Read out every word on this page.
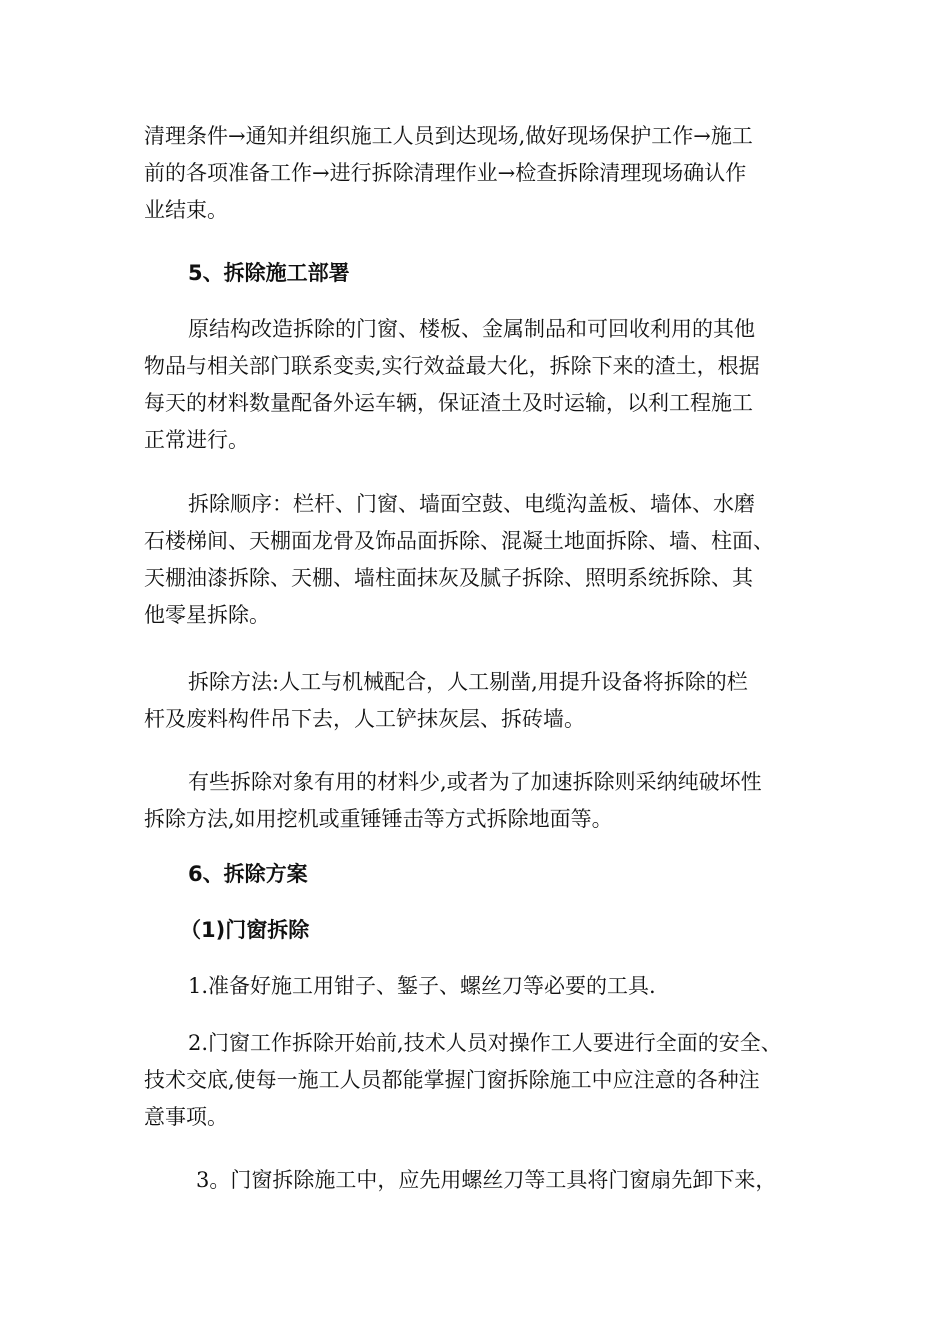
清理条件→通知并组织施工人员到达现场,做好现场保护工作→施工

前的各项准备工作→进行拆除清理作业→检查拆除清理现场确认作

业结束。

5、拆除施工部署

原结构改造拆除的门窗、楼板、金属制品和可回收利用的其他

物品与相关部门联系变卖,实行效益最大化，拆除下来的渣土，根据

每天的材料数量配备外运车辆，保证渣土及时运输，以利工程施工

正常进行。

拆除顺序：栏杆、门窗、墙面空鼓、电缆沟盖板、墙体、水磨

石楼梯间、天棚面龙骨及饰品面拆除、混凝土地面拆除、墙、柱面、

天棚油漆拆除、天棚、墙柱面抹灰及腻子拆除、照明系统拆除、其

他零星拆除。

拆除方法:人工与机械配合，人工剔凿,用提升设备将拆除的栏

杆及废料构件吊下去，人工铲抹灰层、拆砖墙。

有些拆除对象有用的材料少,或者为了加速拆除则采纳纯破坏性

拆除方法,如用挖机或重锤锤击等方式拆除地面等。

6、拆除方案

（1)门窗拆除

1.准备好施工用钳子、錾子、螺丝刀等必要的工具.

2.门窗工作拆除开始前,技术人员对操作工人要进行全面的安全、

技术交底,使每一施工人员都能掌握门窗拆除施工中应注意的各种注

意事项。

3。门窗拆除施工中，应先用螺丝刀等工具将门窗扇先卸下来，
